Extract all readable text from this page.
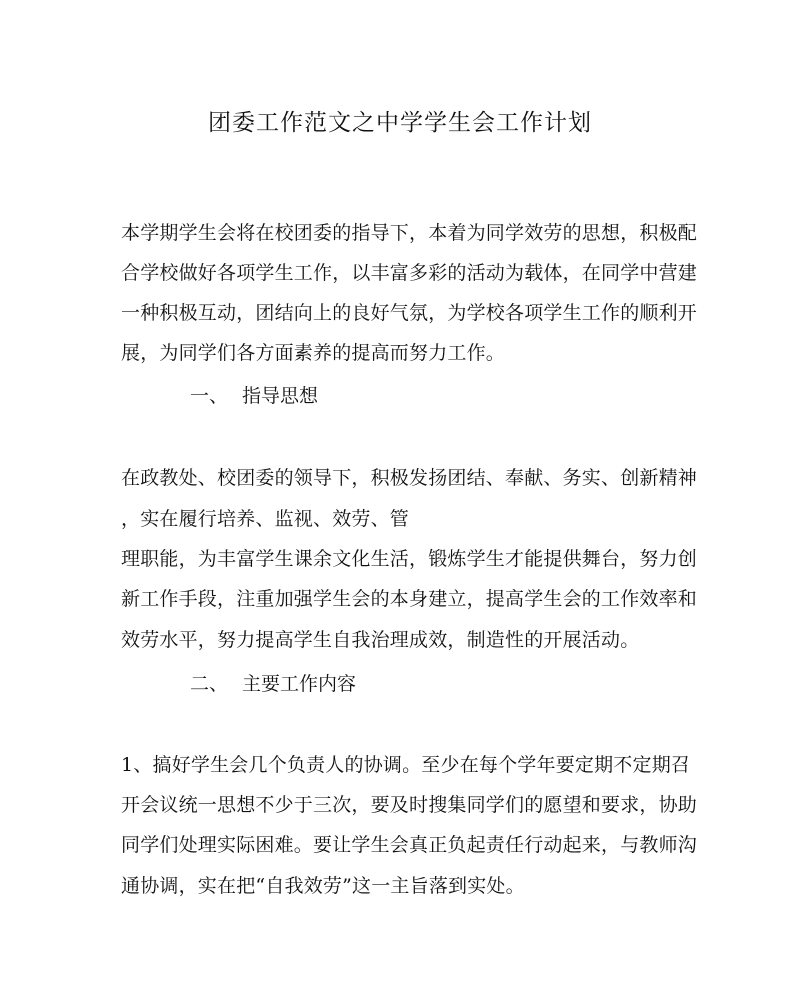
团委工作范文之中学学生会工作计划
本学期学生会将在校团委的指导下，本着为同学效劳的思想，积极配
合学校做好各项学生工作，以丰富多彩的活动为载体，在同学中营建
一种积极互动，团结向上的良好气氛，为学校各项学生工作的顺利开
展，为同学们各方面素养的提高而努力工作。
一、 指导思想
在政教处、校团委的领导下，积极发扬团结、奉献、务实、创新精神
，实在履行培养、监视、效劳、管
理职能，为丰富学生课余文化生活，锻炼学生才能提供舞台，努力创
新工作手段，注重加强学生会的本身建立，提高学生会的工作效率和
效劳水平，努力提高学生自我治理成效，制造性的开展活动。
二、 主要工作内容
1、搞好学生会几个负责人的协调。至少在每个学年要定期不定期召
开会议统一思想不少于三次，要及时搜集同学们的愿望和要求，协助
同学们处理实际困难。要让学生会真正负起责任行动起来，与教师沟
通协调，实在把“自我效劳”这一主旨落到实处。
